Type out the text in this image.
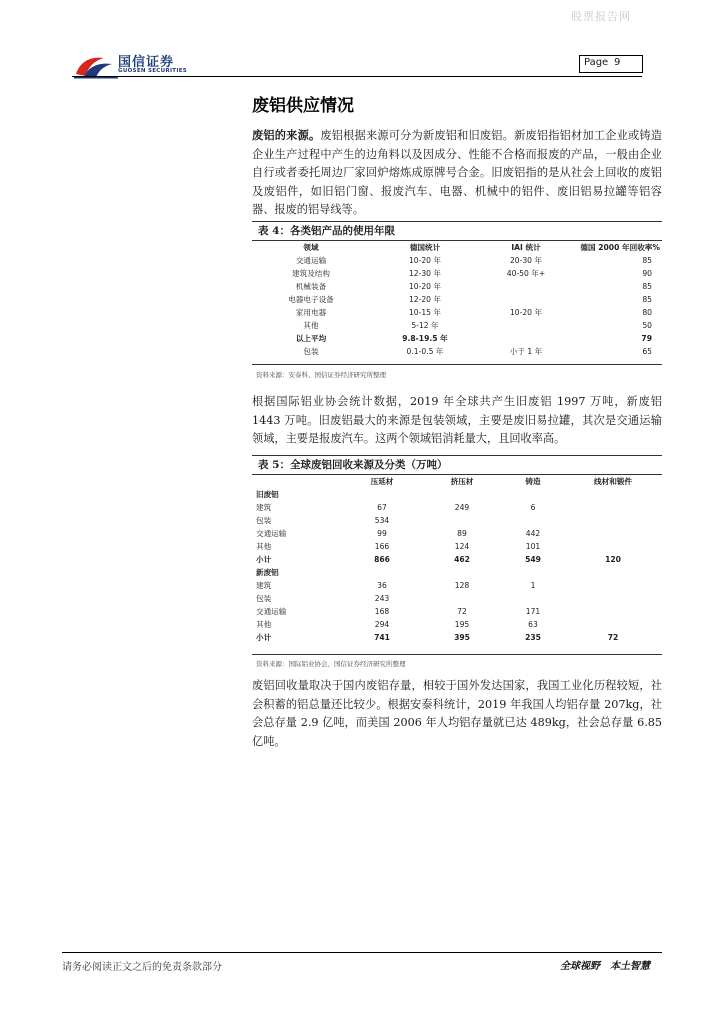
股票报告网
国信证券
GUOSEN SECURITIES
Page 9
废铝供应情况
废铝的来源。废铝根据来源可分为新废铝和旧废铝。新废铝指铝材加工企业或铸造企业生产过程中产生的边角料以及因成分、性能不合格而报废的产品，一般由企业自行或者委托周边厂家回炉熔炼成原牌号合金。旧废铝指的是从社会上回收的废铝及废铝件，如旧铝门窗、报废汽车、电器、机械中的铝件、废旧铝易拉罐等铝容器、报废的铝导线等。
表 4：各类铝产品的使用年限
领域	德国统计	IAI 统计	德国 2000 年回收率%
交通运输	10-20 年	20-30 年	85
建筑及结构	12-30 年	40-50 年+	90
机械装备	10-20 年		85
电器电子设备	12-20 年		85
家用电器	10-15 年	10-20 年	80
其他	5-12 年		50
以上平均	9.8-19.5 年		79
包装	0.1-0.5 年	小于 1 年	65
资料来源：安泰科、国信证券经济研究所整理
根据国际铝业协会统计数据，2019 年全球共产生旧废铝 1997 万吨，新废铝 1443 万吨。旧废铝最大的来源是包装领域，主要是废旧易拉罐，其次是交通运输领域，主要是报废汽车。这两个领域铝消耗量大，且回收率高。
表 5：全球废铝回收来源及分类（万吨）
	压延材	挤压材	铸造	线材和锻件
旧废铝				
建筑	67	249	6	
包装	534			
交通运输	99	89	442	
其他	166	124	101	
小计	866	462	549	120
新废铝				
建筑	36	128	1	
包装	243			
交通运输	168	72	171	
其他	294	195	63	
小计	741	395	235	72
资料来源：国际铝业协会、国信证券经济研究所整理
废铝回收量取决于国内废铝存量，相较于国外发达国家，我国工业化历程较短，社会积蓄的铝总量还比较少。根据安泰科统计，2019 年我国人均铝存量 207kg，社会总存量 2.9 亿吨，而美国 2006 年人均铝存量就已达 489kg，社会总存量 6.85 亿吨。
请务必阅读正文之后的免责条款部分	全球视野　本土智慧
